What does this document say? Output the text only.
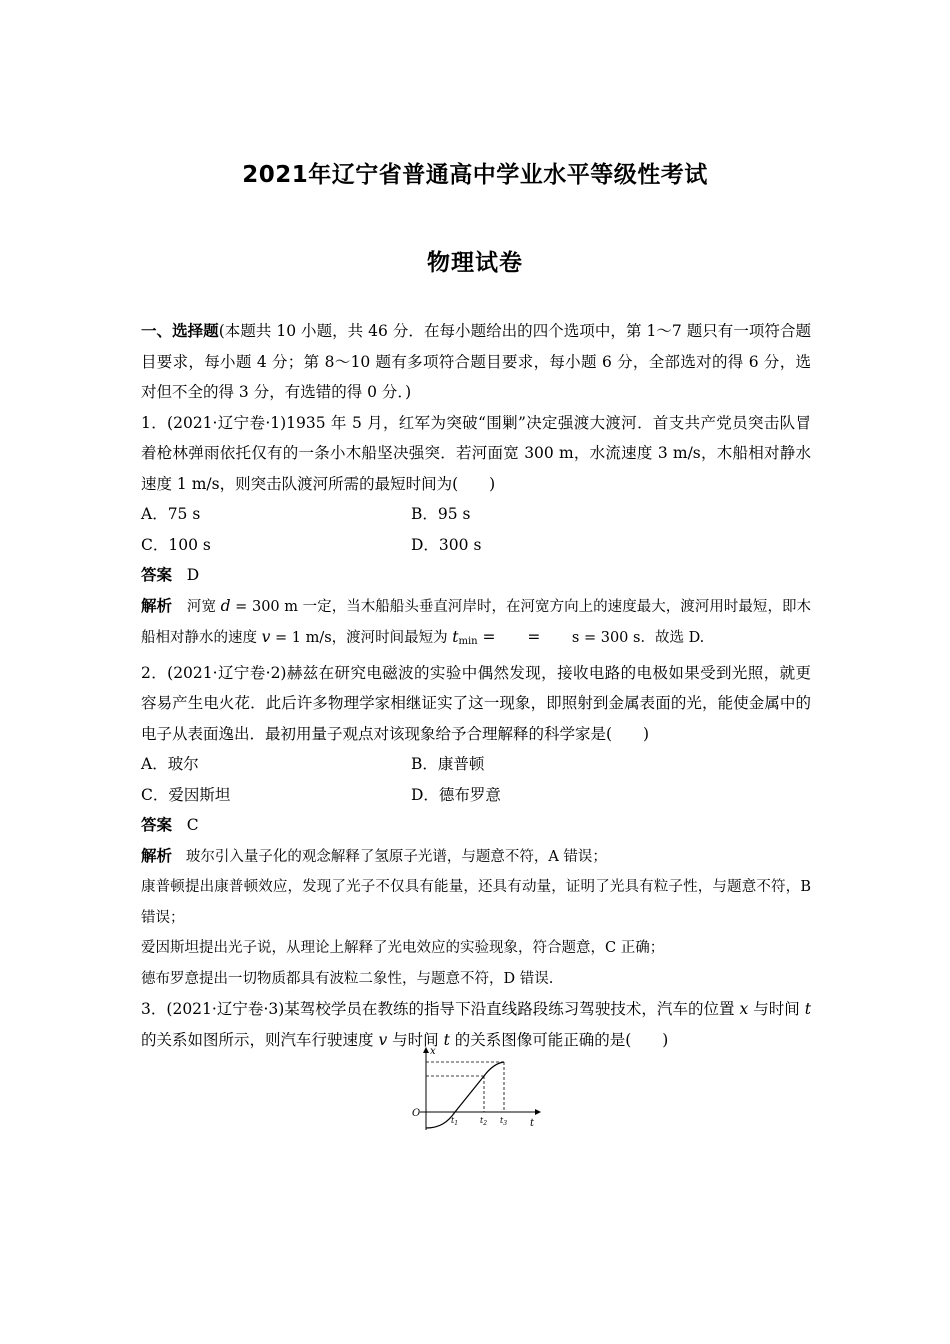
2021年辽宁省普通高中学业水平等级性考试
物理试卷

一、选择题(本题共 10 小题，共 46 分．在每小题给出的四个选项中，第 1～7 题只有一项符合题目要求，每小题 4 分；第 8～10 题有多项符合题目要求，每小题 6 分，全部选对的得 6 分，选对但不全的得 3 分，有选错的得 0 分．)

1．(2021·辽宁卷·1)1935 年 5 月，红军为突破“围剿”决定强渡大渡河．首支共产党员突击队冒着枪林弹雨依托仅有的一条小木船坚决强突．若河面宽 300 m，水流速度 3 m/s，木船相对静水速度 1 m/s，则突击队渡河所需的最短时间为(　　)

A．75 s	B．95 s
C．100 s	D．300 s
答案 D
解析 河宽 d = 300 m 一定，当木船船头垂直河岸时，在河宽方向上的速度最大，渡河用时最短，即木船相对静水的速度 v = 1 m/s，渡河时间最短为 $t_{min}$ =  =  s = 300 s．故选 D.

2．(2021·辽宁卷·2)赫兹在研究电磁波的实验中偶然发现，接收电路的电极如果受到光照，就更容易产生电火花．此后许多物理学家相继证实了这一现象，即照射到金属表面的光，能使金属中的电子从表面逸出．最初用量子观点对该现象给予合理解释的科学家是(　　)

A．玻尔	B．康普顿
C．爱因斯坦	D．德布罗意
答案 C
解析 玻尔引入量子化的观念解释了氢原子光谱，与题意不符，A 错误；
康普顿提出康普顿效应，发现了光子不仅具有能量，还具有动量，证明了光具有粒子性，与题意不符，B 错误；
爱因斯坦提出光子说，从理论上解释了光电效应的实验现象，符合题意，C 正确；
德布罗意提出一切物质都具有波粒二象性，与题意不符，D 错误.

3．(2021·辽宁卷·3)某驾校学员在教练的指导下沿直线路段练习驾驶技术，汽车的位置 x 与时间 t 的关系如图所示，则汽车行驶速度 v 与时间 t 的关系图像可能正确的是(　　)

x
O
t
$t_1$	$t_2$ $t_3$
